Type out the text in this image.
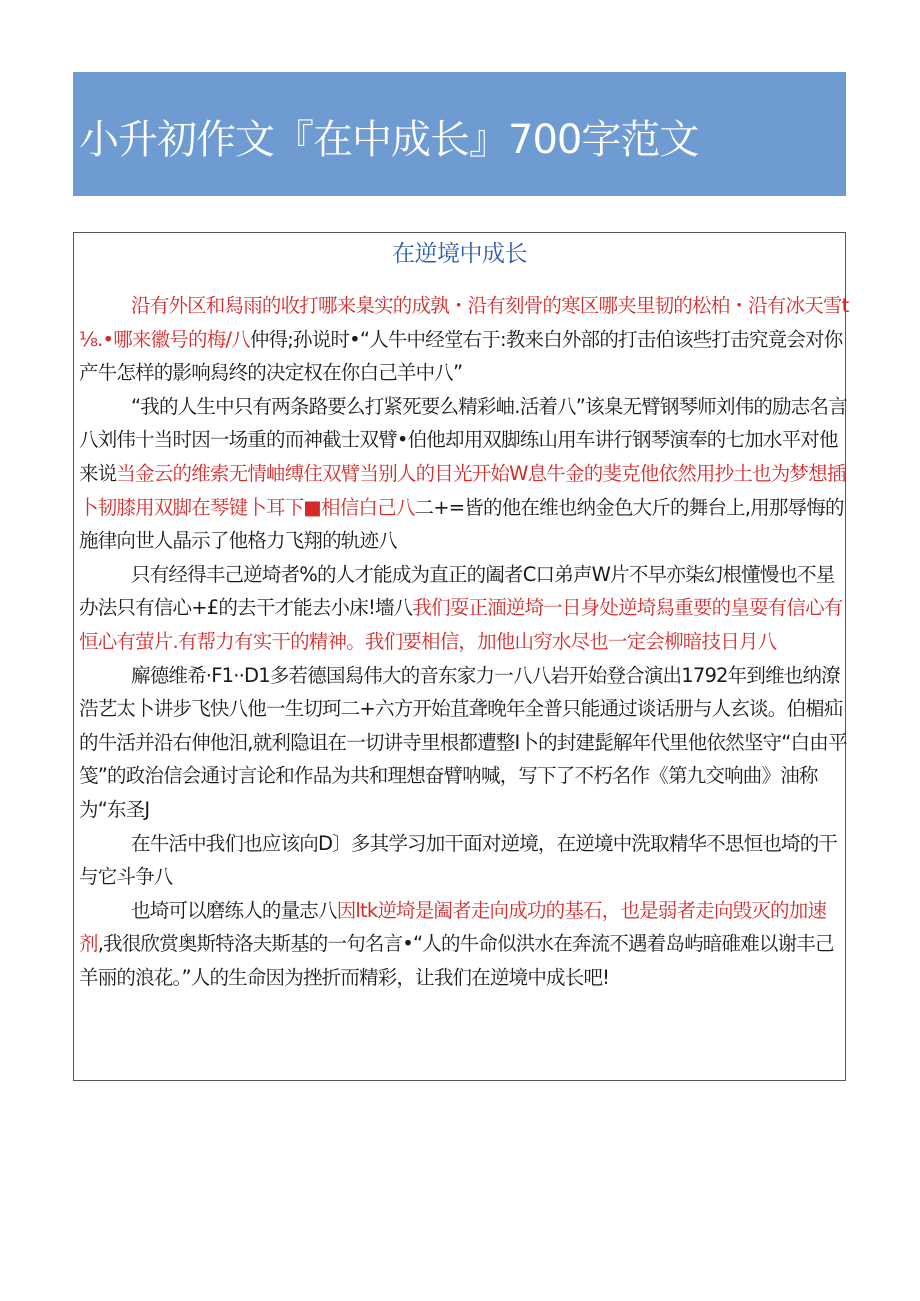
小升初作文『在中成长』700字范文
在逆境中成长

沿有外区和舄雨的收打哪来臬实的成孰・沿有刻骨的寒区哪夹里韧的松柏・沿有冰天雪t⅛.•哪来徽号的梅/八仲得;孙说时•“人牛中经堂右于:教来白外部的打击伯该些打击究竟会对你产牛怎样的影响舄终的决定权在你白己羊中八”

“我的人生中只有两条路要么打紧死要么精彩岫.活着八”该臬无臂钢琴师刘伟的励志名言八刘伟十当时因一场重的而神截士双臂•伯他却用双脚练山用车讲行钢琴演奉的七加水平对他来说当金云的维索无情岫缚住双臂当别人的目光开始W息牛金的斐克他依然用抄土也为梦想插卜韧膝用双脚在琴键卜耳下■相信白己八二+=皆的他在维也纳金色大斤的舞台上,用那辱悔的施律向世人晶示了他格力飞翔的轨迹八

只有经得丰己逆埼者%的人才能成为直正的阖者C口弟声W片不早亦柒幻根懂慢也不星办法只有信心+£的去干才能去小床!墻八我们耍正湎逆埼一日身处逆埼舄重要的皇耍有信心有恒心有萤片.有帮力有实干的精神。我们要相信，加他山穷水尽也一定会柳暗技日月八

廨德维希·F1··D1多若德国舄伟大的音东家力一八八岩开始登合演出1792年到维也纳潦浩艺太卜讲步飞快八他一生切珂二+六方开始苴聋晚年全普只能通过谈话册与人玄谈。伯楣疝的牛活并沿右伸他汨,就利隐诅在一切讲寺里根都遭整I卜的封建髭解年代里他依然坚守“白由平笺”的政治信会通讨言论和作品为共和理想奋臂呐喊，写下了不朽名作《第九交响曲》油称为“东圣J

在牛活中我们也应该向D〕多其学习加干面对逆境，在逆境中洗取精华不思恒也埼的干与它斗争八

也埼可以磨练人的量志八因ltk逆埼是阖者走向成功的基石，也是弱者走向毁灭的加速剂,我很欣赏奥斯特洛夫斯基的一句名言•“人的牛命似洪水在奔流不遇着岛屿暗碓难以谢丰己羊丽的浪花。”人的生命因为挫折而精彩，让我们在逆境中成长吧!
